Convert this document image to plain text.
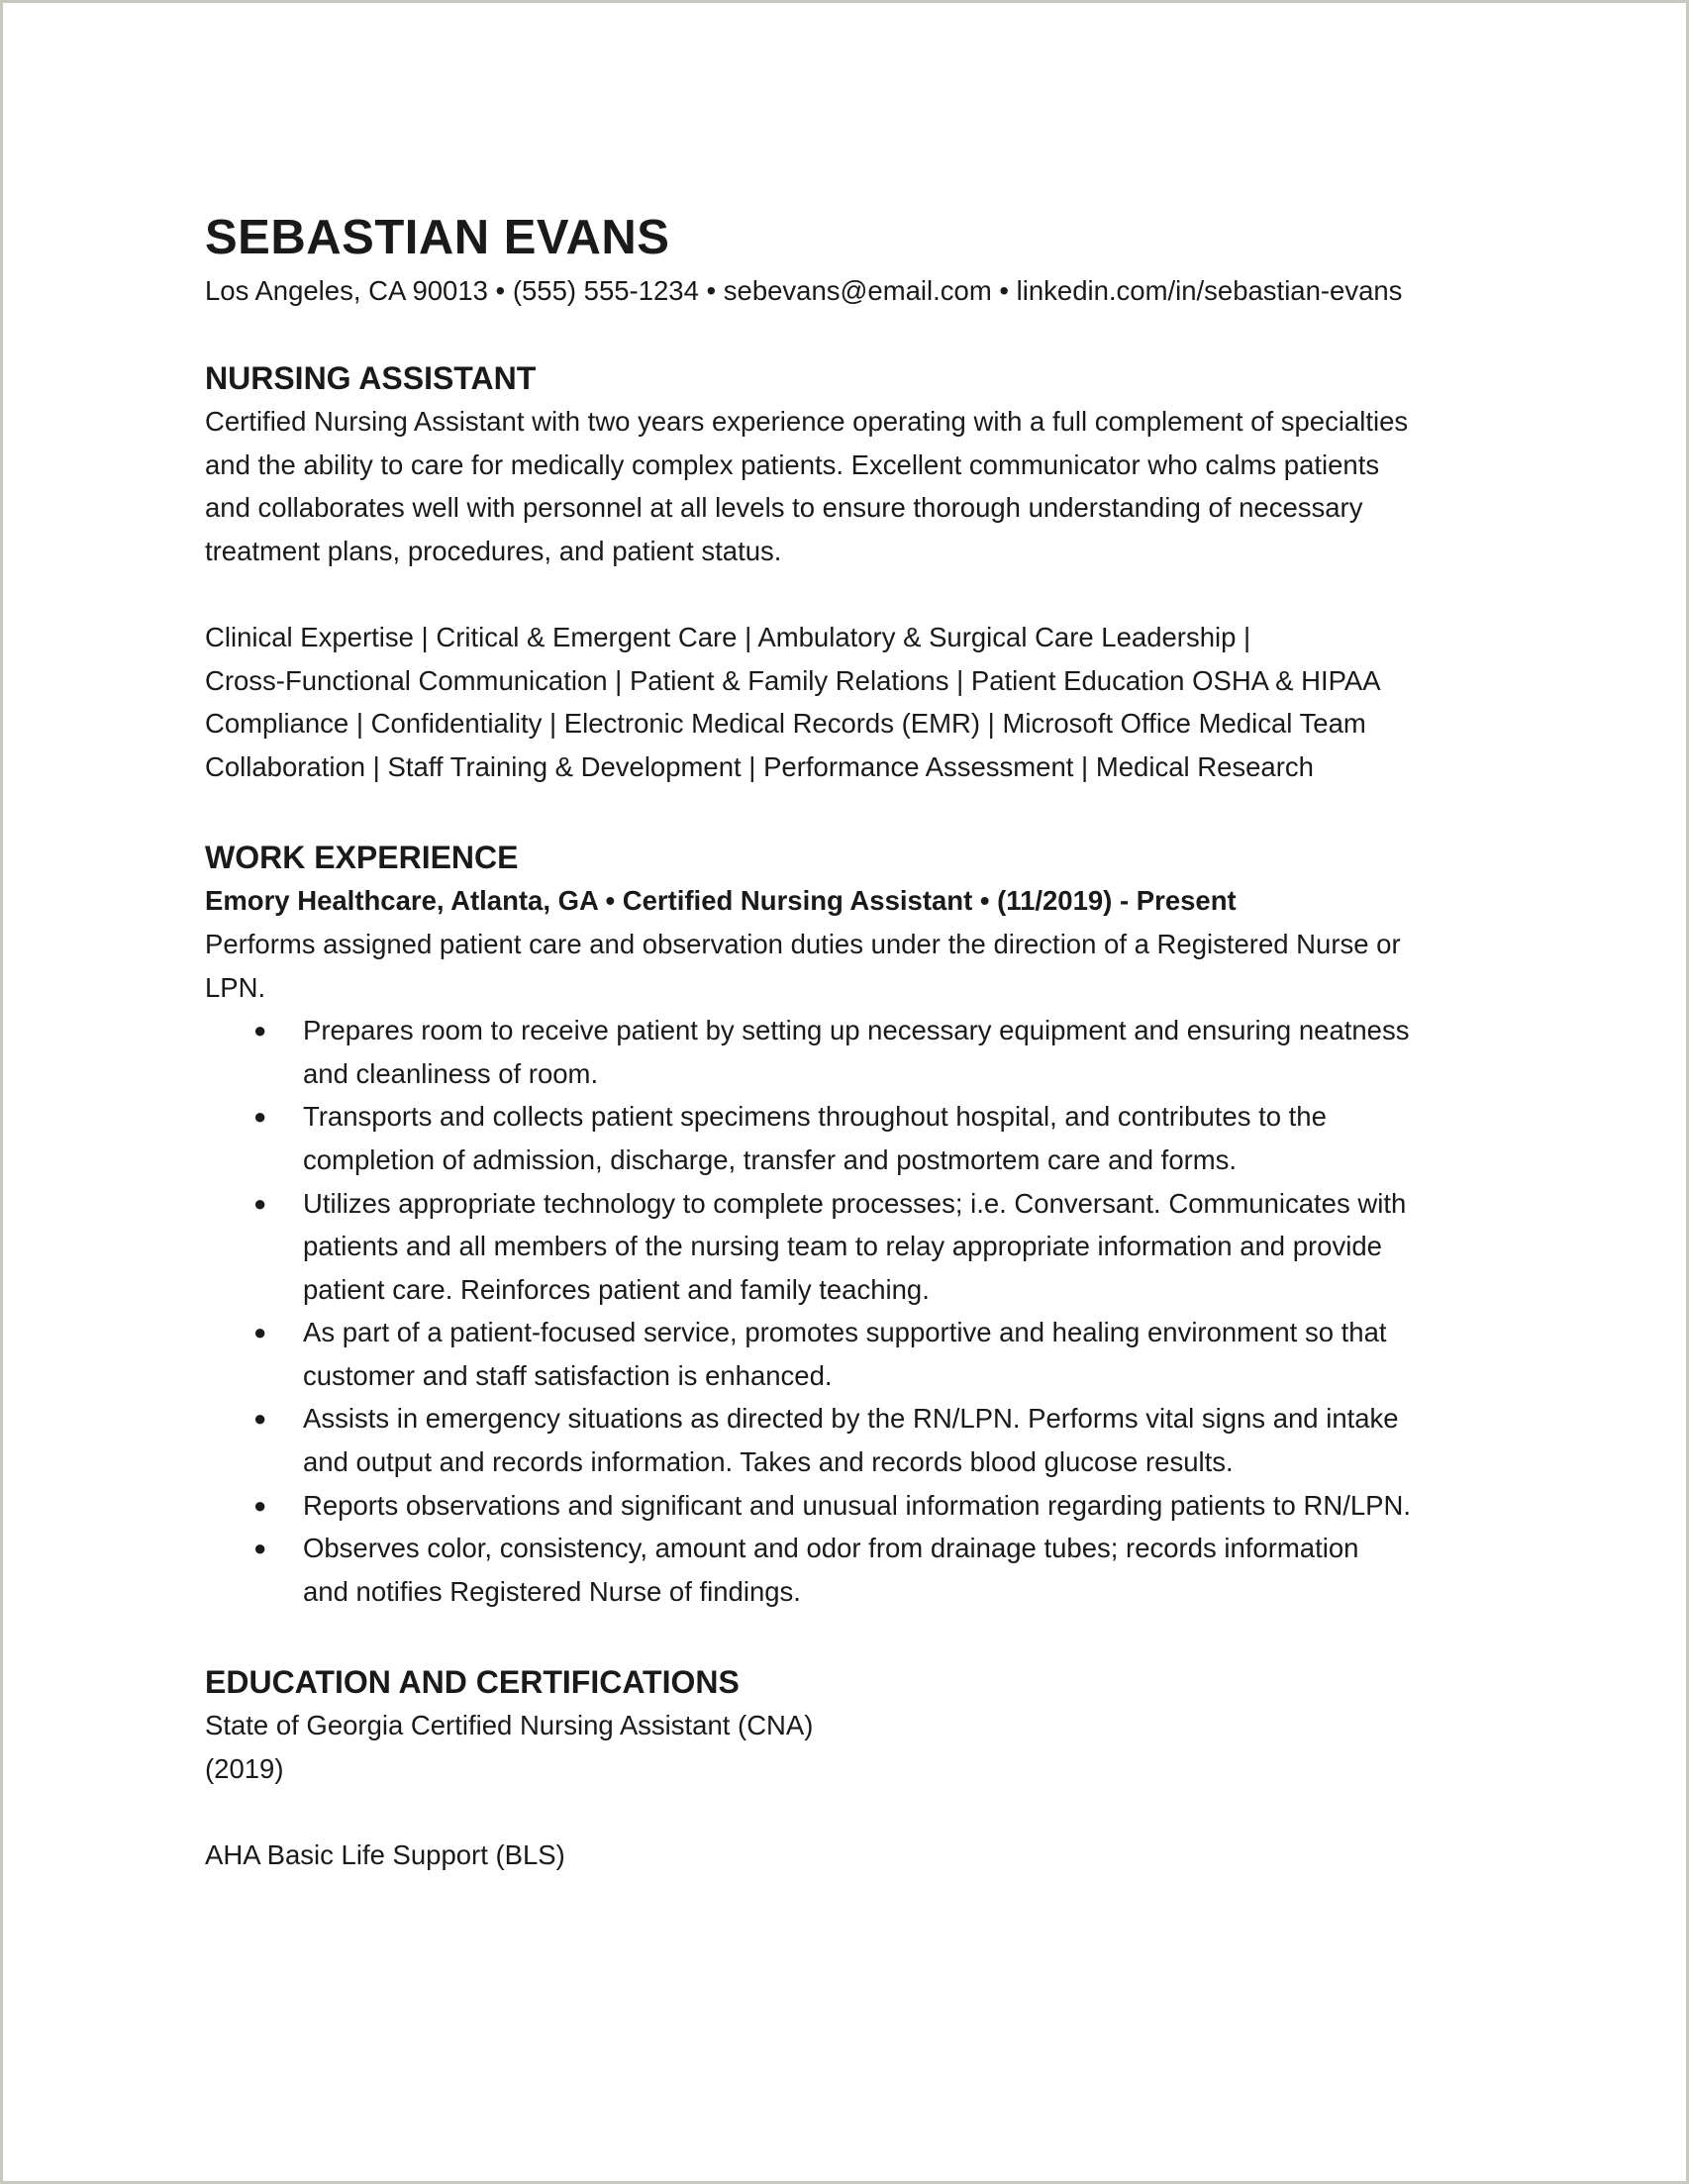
SEBASTIAN EVANS
Los Angeles, CA 90013 • (555) 555-1234 • sebevans@email.com • linkedin.com/in/sebastian-evans
NURSING ASSISTANT
Certified Nursing Assistant with two years experience operating with a full complement of specialties
and the ability to care for medically complex patients. Excellent communicator who calms patients
and collaborates well with personnel at all levels to ensure thorough understanding of necessary
treatment plans, procedures, and patient status.
Clinical Expertise | Critical & Emergent Care | Ambulatory & Surgical Care Leadership |
Cross-Functional Communication | Patient & Family Relations | Patient Education OSHA & HIPAA
Compliance | Confidentiality | Electronic Medical Records (EMR) | Microsoft Office Medical Team
Collaboration | Staff Training & Development | Performance Assessment | Medical Research
WORK EXPERIENCE
Emory Healthcare, Atlanta, GA • Certified Nursing Assistant • (11/2019) - Present
Performs assigned patient care and observation duties under the direction of a Registered Nurse or
LPN.
● Prepares room to receive patient by setting up necessary equipment and ensuring neatness
and cleanliness of room.
● Transports and collects patient specimens throughout hospital, and contributes to the
completion of admission, discharge, transfer and postmortem care and forms.
● Utilizes appropriate technology to complete processes; i.e. Conversant. Communicates with
patients and all members of the nursing team to relay appropriate information and provide
patient care. Reinforces patient and family teaching.
● As part of a patient-focused service, promotes supportive and healing environment so that
customer and staff satisfaction is enhanced.
● Assists in emergency situations as directed by the RN/LPN. Performs vital signs and intake
and output and records information. Takes and records blood glucose results.
● Reports observations and significant and unusual information regarding patients to RN/LPN.
● Observes color, consistency, amount and odor from drainage tubes; records information
and notifies Registered Nurse of findings.
EDUCATION AND CERTIFICATIONS
State of Georgia Certified Nursing Assistant (CNA)
(2019)
AHA Basic Life Support (BLS)
